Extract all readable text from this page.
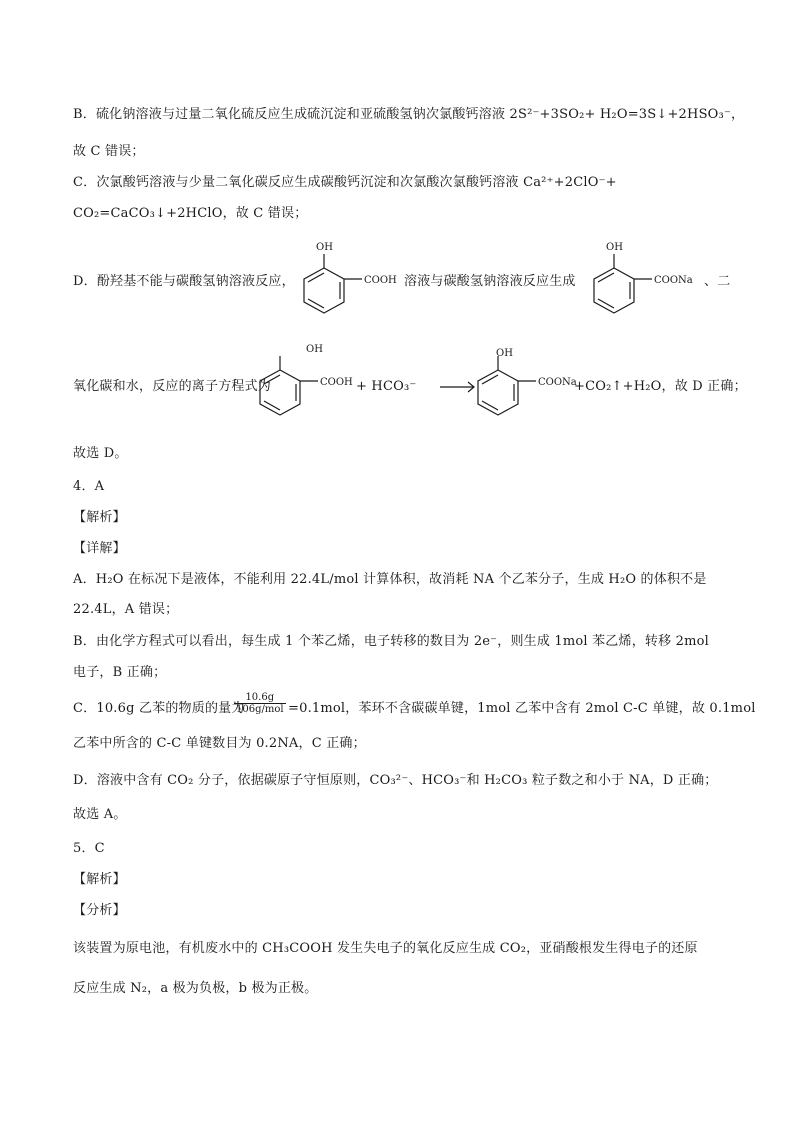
B．硫化钠溶液与过量二氧化硫反应生成硫沉淀和亚硫酸氢钠次氯酸钙溶液 2S²⁻+3SO₂+ H₂O=3S↓+2HSO₃⁻，
故 C 错误；
C．次氯酸钙溶液与少量二氧化碳反应生成碳酸钙沉淀和次氯酸次氯酸钙溶液 Ca²⁺+2ClO⁻+
CO₂=CaCO₃↓+2HClO，故 C 错误；
D．酚羟基不能与碳酸氢钠溶液反应，
OH
COOH 溶液与碳酸氢钠溶液反应生成
OH
COONa 、二
氧化碳和水，反应的离子方程式为
OH
COOH + HCO₃⁻
OH
COONa
+CO₂↑+H₂O，故 D 正确；
故选 D。
4．A
【解析】
【详解】
A．H₂O 在标况下是液体，不能利用 22.4L/mol 计算体积，故消耗 NA 个乙苯分子，生成 H₂O 的体积不是
22.4L，A 错误；
B．由化学方程式可以看出，每生成 1 个苯乙烯，电子转移的数目为 2e⁻，则生成 1mol 苯乙烯，转移 2mol
电子，B 正确；
C．10.6g 乙苯的物质的量为
10.6g
106g/mol =0.1mol，苯环不含碳碳单键，1mol 乙苯中含有 2mol C-C 单键，故 0.1mol
乙苯中所含的 C-C 单键数目为 0.2NA，C 正确；
D．溶液中含有 CO₂ 分子，依据碳原子守恒原则，CO₃²⁻、HCO₃⁻和 H₂CO₃ 粒子数之和小于 NA，D 正确；
故选 A。
5．C
【解析】
【分析】
该装置为原电池，有机废水中的 CH₃COOH 发生失电子的氧化反应生成 CO₂，亚硝酸根发生得电子的还原
反应生成 N₂，a 极为负极，b 极为正极。
